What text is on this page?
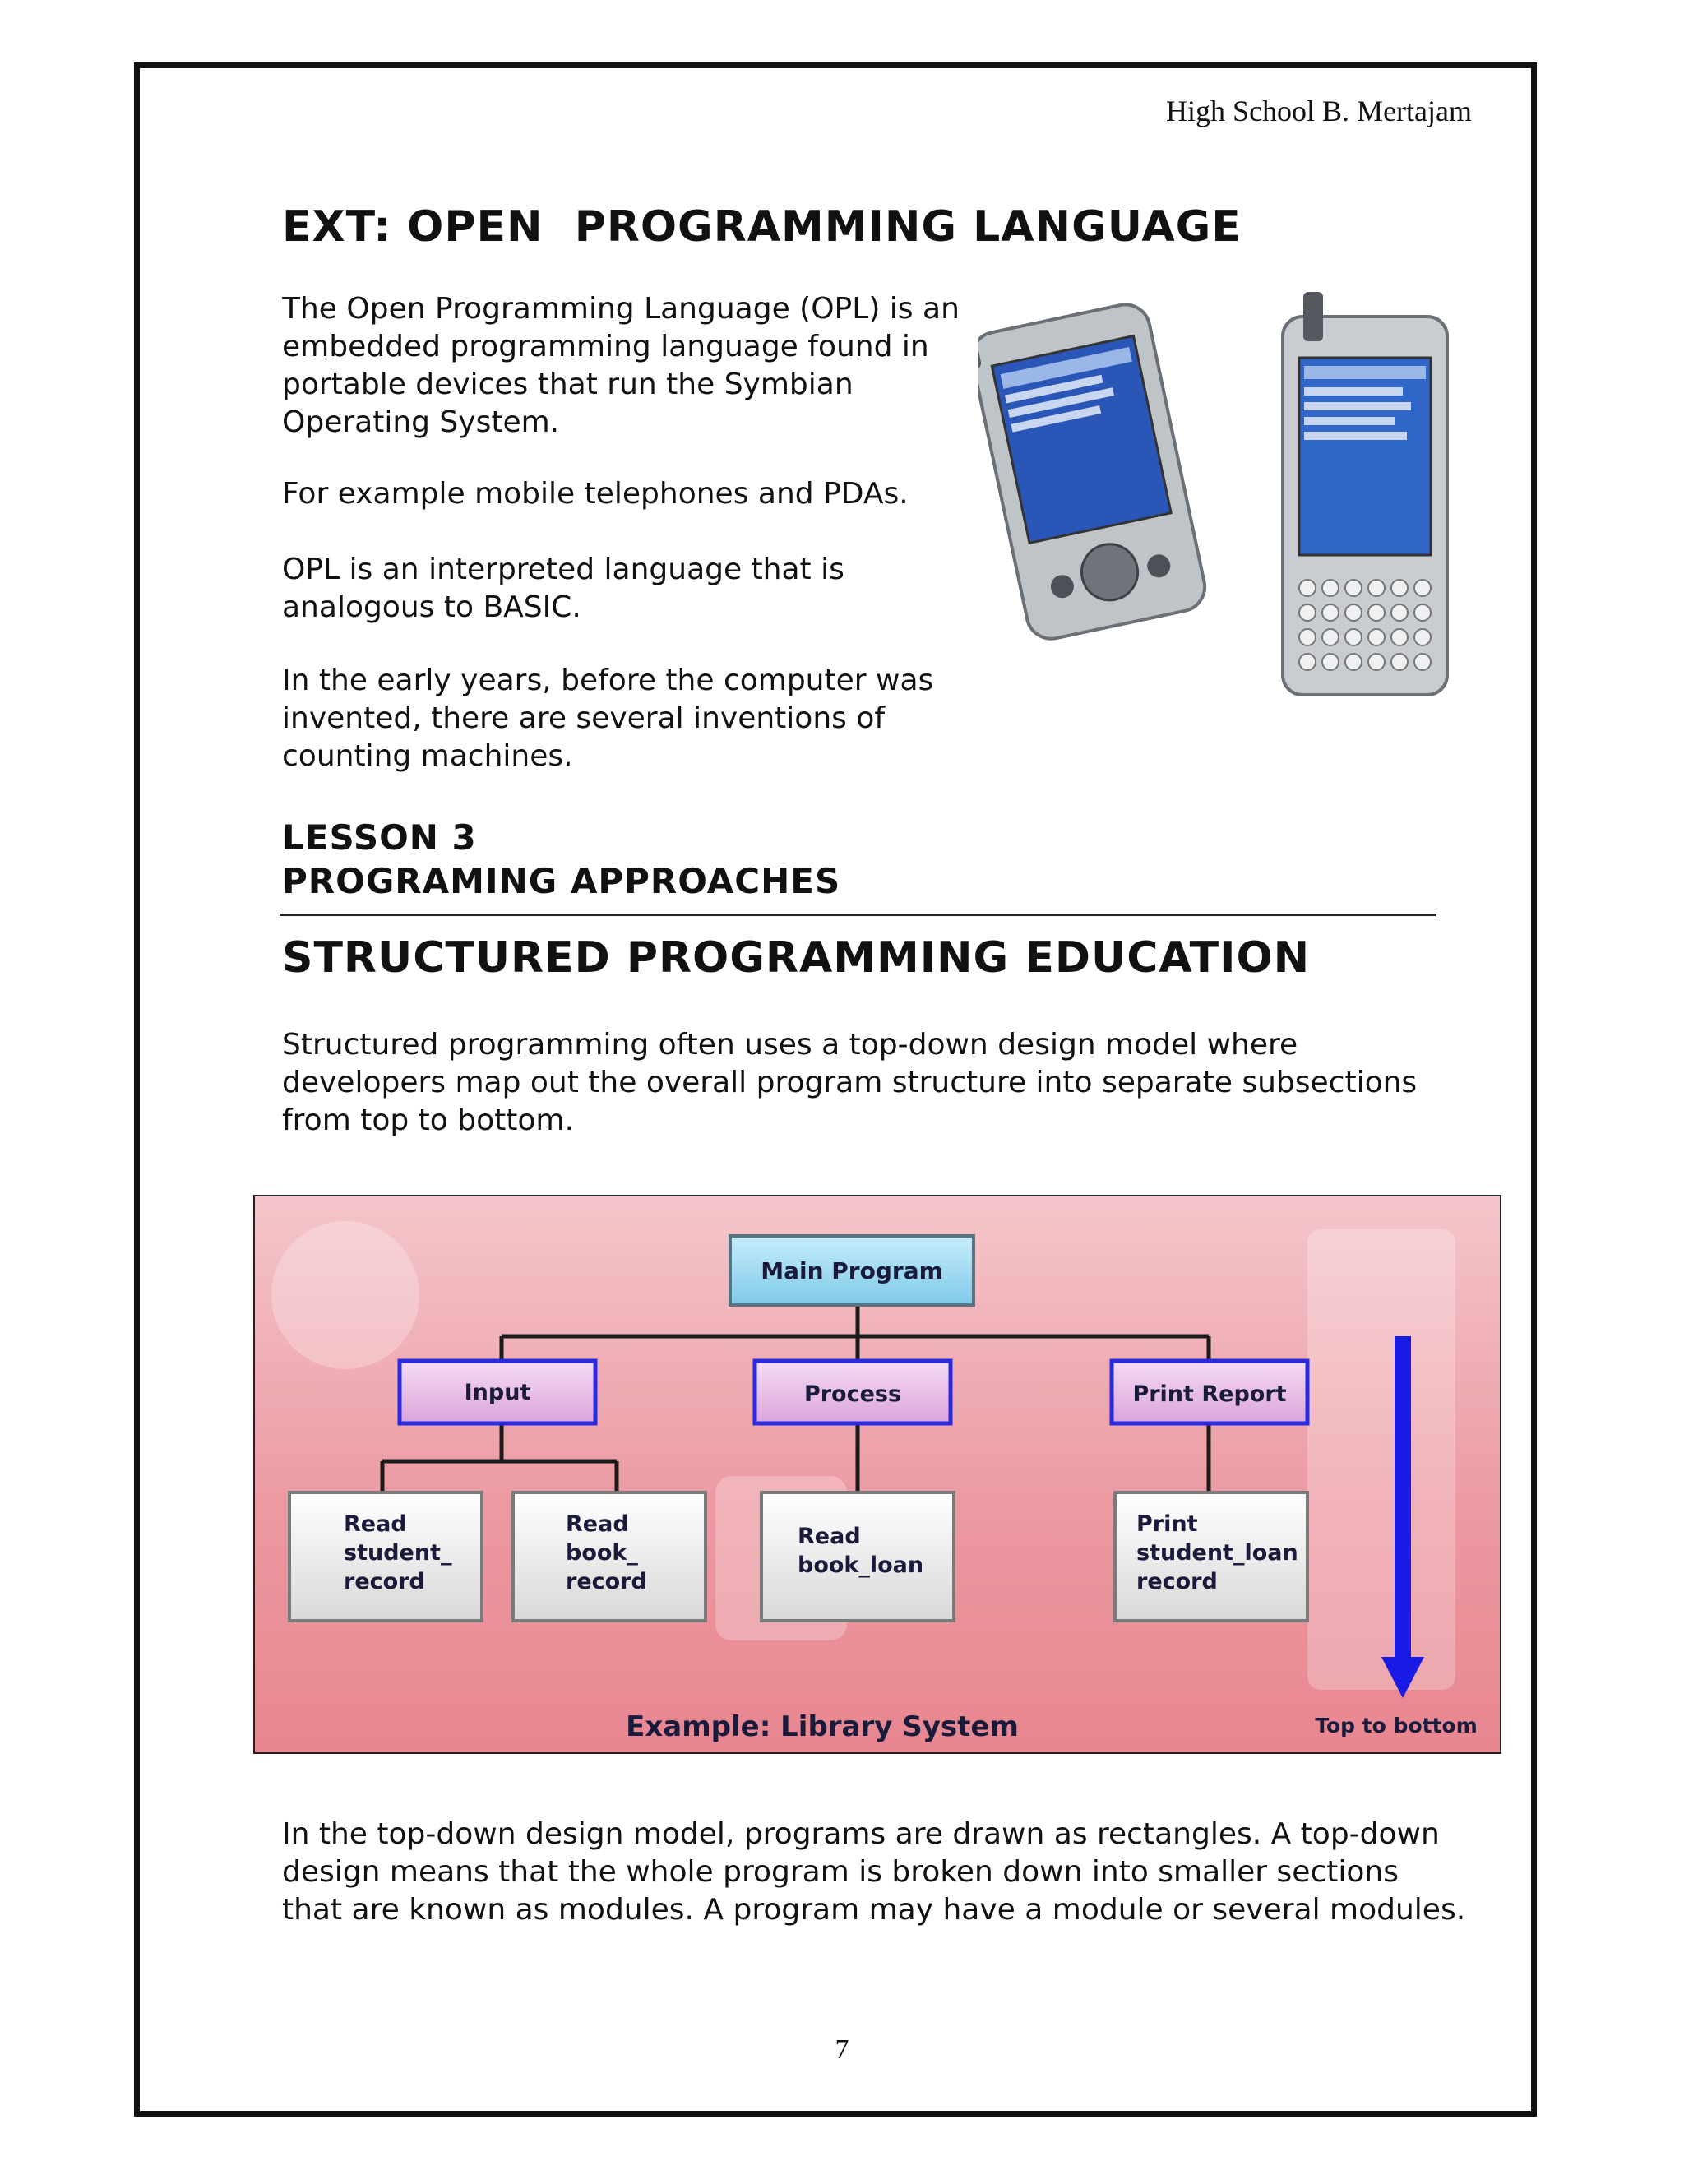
High School B. Mertajam
EXT: OPEN  PROGRAMMING LANGUAGE

The Open Programming Language (OPL) is an embedded programming language found in portable devices that run the Symbian Operating System.

For example mobile telephones and PDAs.

OPL is an interpreted language that is analogous to BASIC.

In the early years, before the computer was invented, there are several inventions of counting machines.

LESSON 3
PROGRAMING APPROACHES
STRUCTURED PROGRAMMING EDUCATION

Structured programming often uses a top-down design model where developers map out the overall program structure into separate subsections from top to bottom.

Main Program
Input	Process	Print Report
Read student_ record
Read book_ record
Read book_loan
Print student_loan record
Top to bottom
Example: Library System

In the top-down design model, programs are drawn as rectangles. A top-down design means that the whole program is broken down into smaller sections that are known as modules. A program may have a module or several modules.

7
